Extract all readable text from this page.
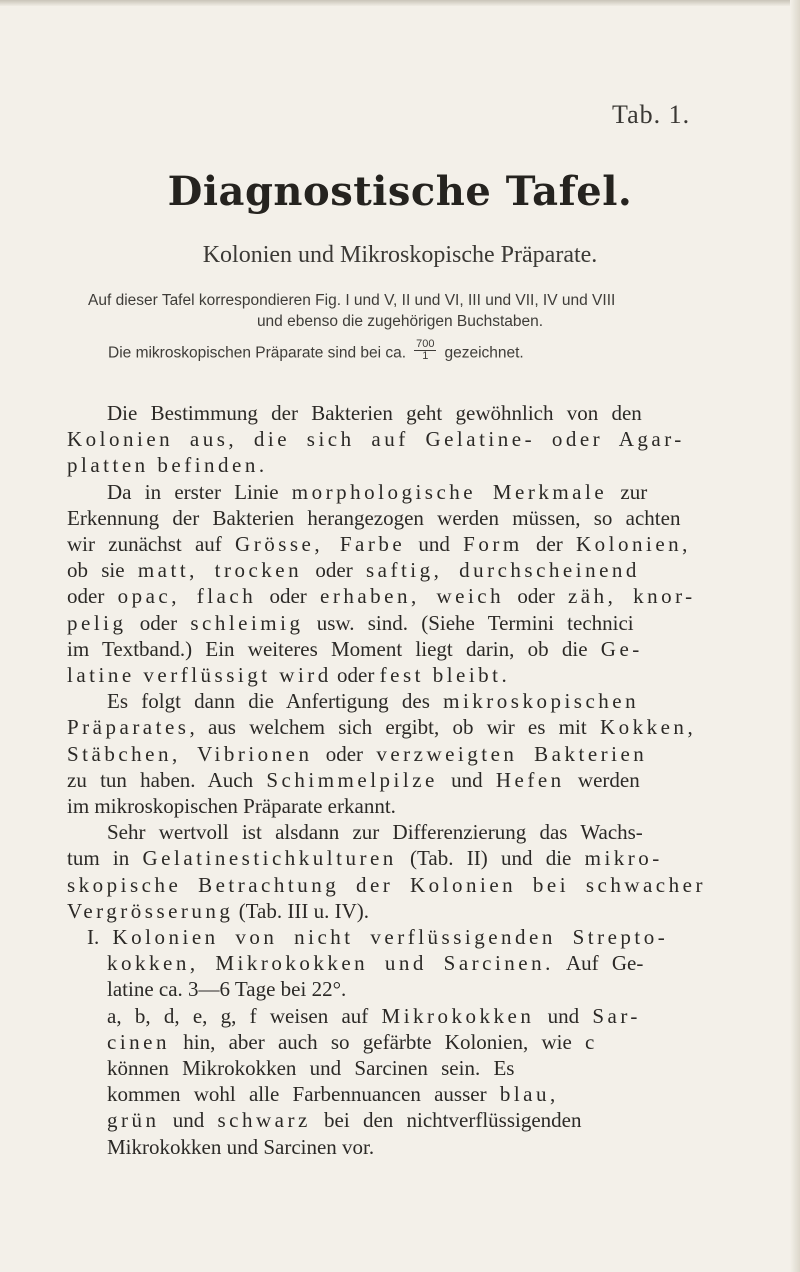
Tab. 1.
Diagnostische Tafel.
Kolonien und Mikroskopische Präparate.
Auf dieser Tafel korrespondieren Fig. I und V, II und VI, III und VII, IV und VIII
und ebenso die zugehörigen Buchstaben.
Die mikroskopischen Präparate sind bei ca. $\frac{700}{1}$ gezeichnet.
Die Bestimmung der Bakterien geht gewöhnlich von den
Kolonien aus, die sich auf Gelatine- oder Agar-
platten befinden.
Da in erster Linie morphologische Merkmale zur
Erkennung der Bakterien herangezogen werden müssen, so achten
wir zunächst auf Grösse, Farbe und Form der Kolonien,
ob sie matt, trocken oder saftig, durchscheinend
oder opac, flach oder erhaben, weich oder zäh, knor-
pelig oder schleimig usw. sind. (Siehe Termini technici
im Textband.) Ein weiteres Moment liegt darin, ob die Ge-
latine verflüssigt wird oder fest bleibt.
Es folgt dann die Anfertigung des mikroskopischen
Präparates, aus welchem sich ergibt, ob wir es mit Kokken,
Stäbchen, Vibrionen oder verzweigten Bakterien
zu tun haben. Auch Schimmelpilze und Hefen werden
im mikroskopischen Präparate erkannt.
Sehr wertvoll ist alsdann zur Differenzierung das Wachs-
tum in Gelatinestichkulturen (Tab. II) und die mikro-
skopische Betrachtung der Kolonien bei schwacher
Vergrösserung (Tab. III u. IV).
I. Kolonien von nicht verflüssigenden Strepto-
kokken, Mikrokokken und Sarcinen. Auf Ge-
latine ca. 3—6 Tage bei 22°.
a, b, d, e, g, f weisen auf Mikrokokken und Sar-
cinen hin, aber auch so gefärbte Kolonien, wie c
können Mikrokokken und Sarcinen sein. Es
kommen wohl alle Farbennuancen ausser blau,
grün und schwarz bei den nichtverflüssigenden
Mikrokokken und Sarcinen vor.
